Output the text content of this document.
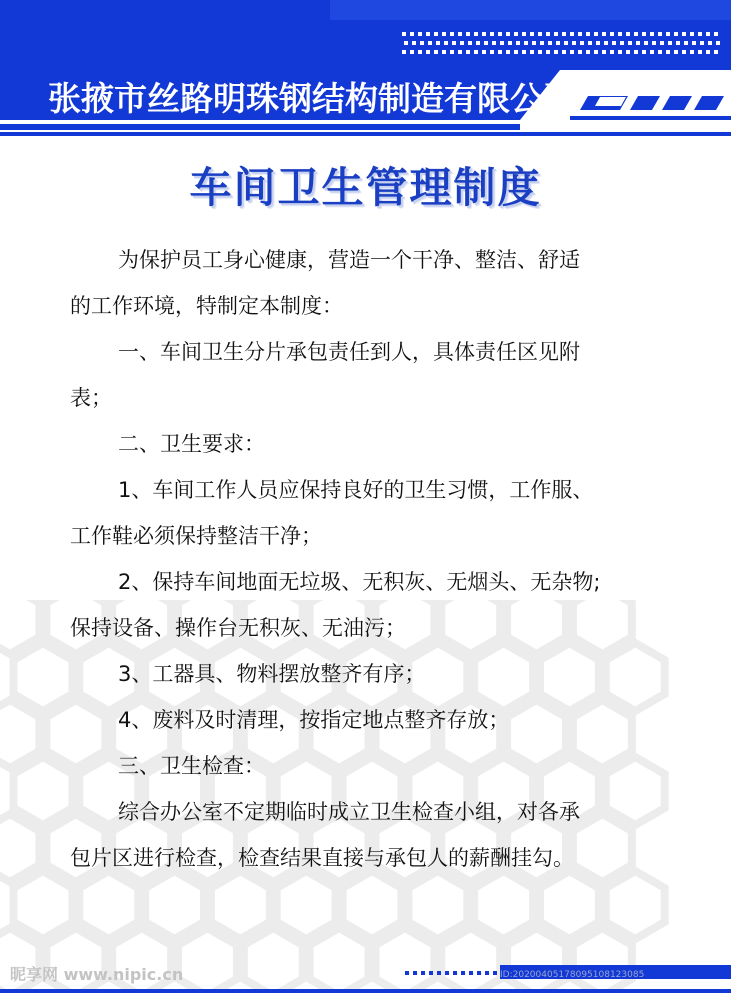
张掖市丝路明珠钢结构制造有限公司
车间卫生管理制度
为保护员工身心健康，营造一个干净、整洁、舒适
的工作环境，特制定本制度：
一、车间卫生分片承包责任到人，具体责任区见附
表；
二、卫生要求：
1、车间工作人员应保持良好的卫生习惯，工作服、
工作鞋必须保持整洁干净；
2、保持车间地面无垃圾、无积灰、无烟头、无杂物;
保持设备、操作台无积灰、无油污；
3、工器具、物料摆放整齐有序；
4、废料及时清理，按指定地点整齐存放；
三、卫生检查：
综合办公室不定期临时成立卫生检查小组，对各承
包片区进行检查，检查结果直接与承包人的薪酬挂勾。
昵享网 www.nipic.cn	ID:20200405178095108123085
